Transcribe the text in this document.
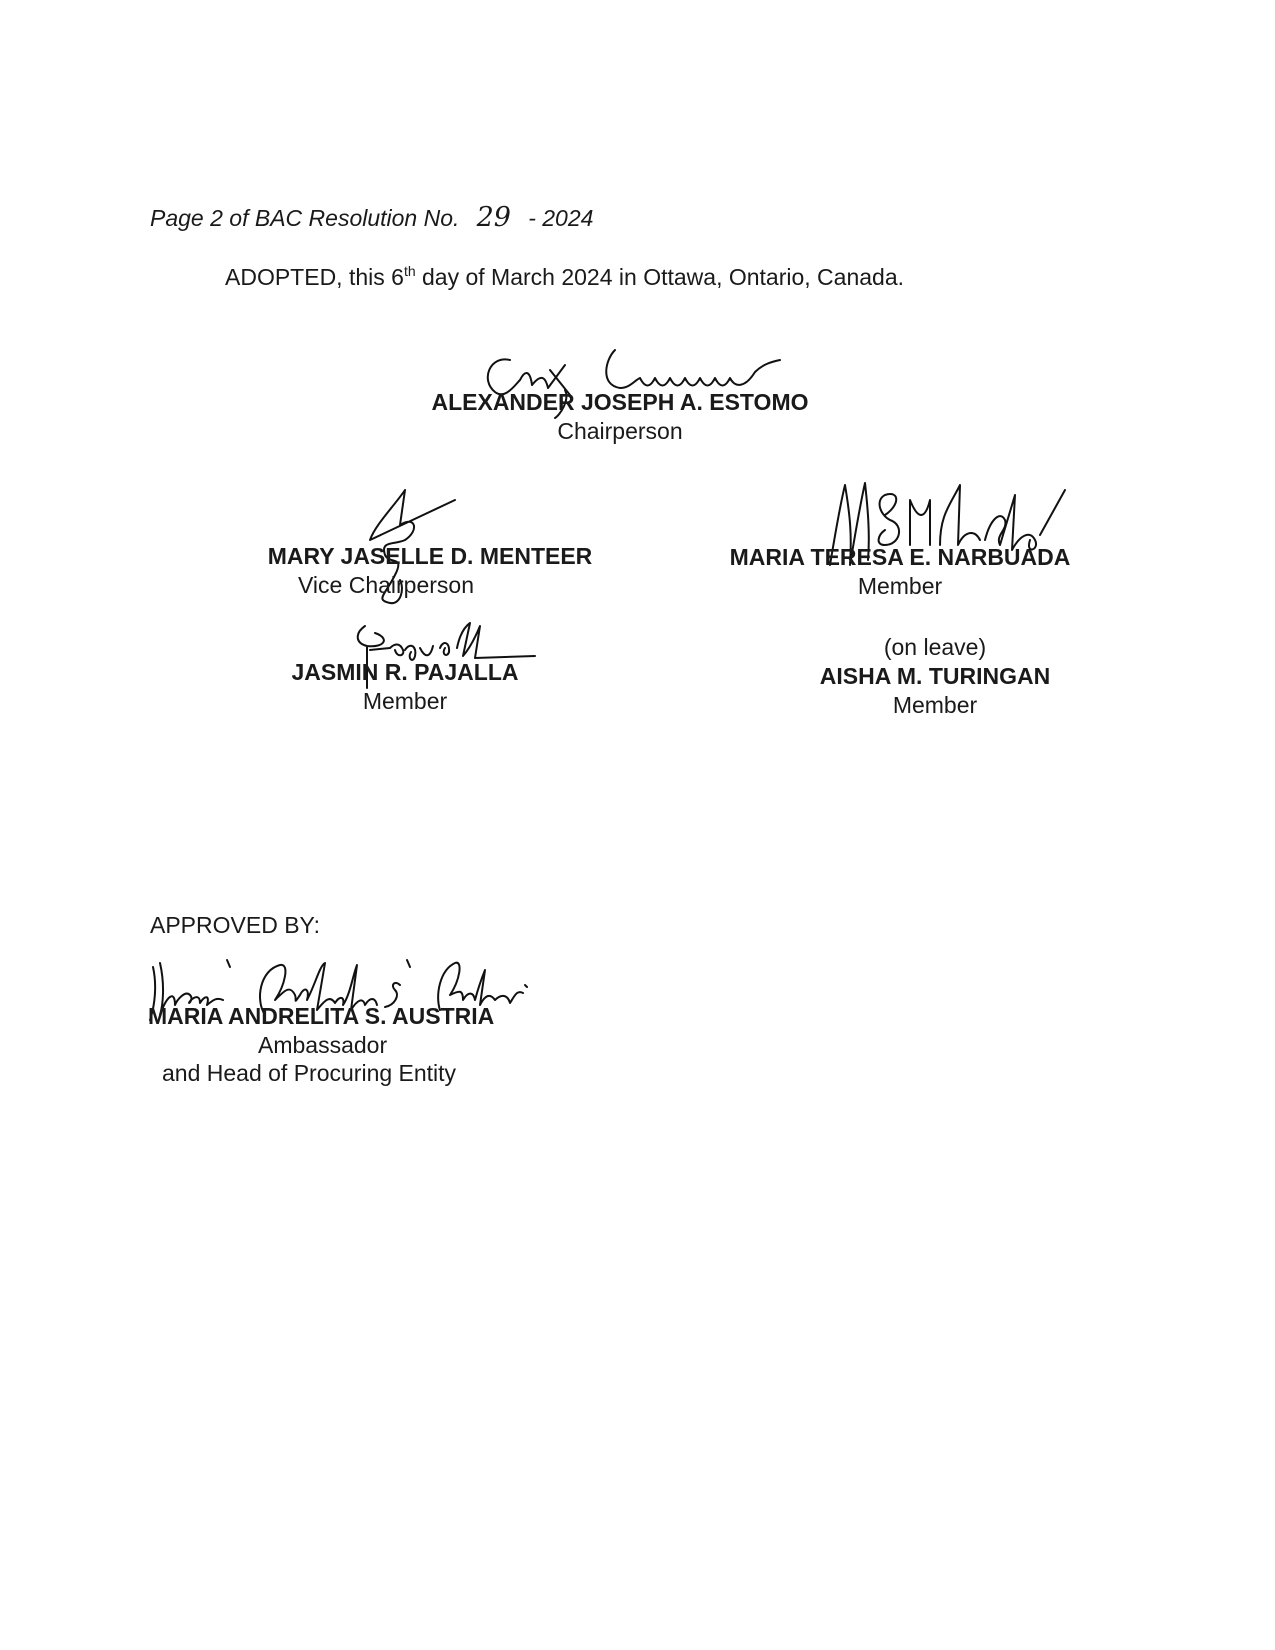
Page 2 of BAC Resolution No. 29 - 2024
ADOPTED, this 6th day of March 2024 in Ottawa, Ontario, Canada.
ALEXANDER JOSEPH A. ESTOMO
Chairperson
MARY JASELLE D. MENTEER
Vice Chairperson
MARIA TERESA E. NARBUADA
Member
JASMIN R. PAJALLA
Member
(on leave)
AISHA M. TURINGAN
Member
APPROVED BY:
MARIA ANDRELITA S. AUSTRIA
Ambassador
and Head of Procuring Entity
